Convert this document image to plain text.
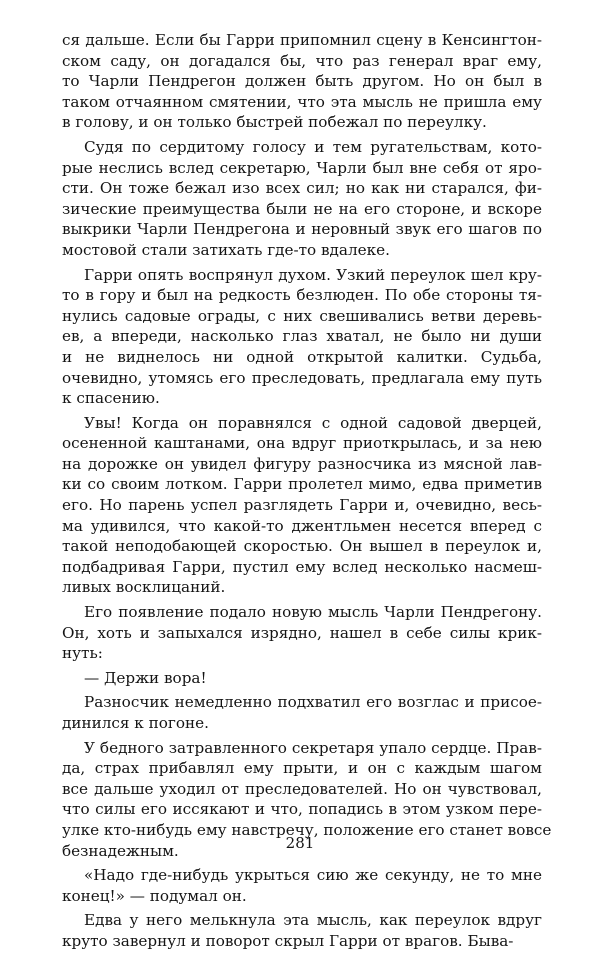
ся дальше. Если бы Гарри припомнил сцену в Кенсингтон-
ском саду, он догадался бы, что раз генерал враг ему,
то Чарли Пендрегон должен быть другом. Но он был в
таком отчаянном смятении, что эта мысль не пришла ему
в голову, и он только быстрей побежал по переулку.
Судя по сердитому голосу и тем ругательствам, кото-
рые неслись вслед секретарю, Чарли был вне себя от яро-
сти. Он тоже бежал изо всех сил; но как ни старался, фи-
зические преимущества были не на его стороне, и вскоре
выкрики Чарли Пендрегона и неровный звук его шагов по
мостовой стали затихать где-то вдалеке.
Гарри опять воспрянул духом. Узкий переулок шел кру-
то в гору и был на редкость безлюден. По обе стороны тя-
нулись садовые ограды, с них свешивались ветви деревь-
ев, а впереди, насколько глаз хватал, не было ни души
и не виднелось ни одной открытой калитки. Судьба,
очевидно, утомясь его преследовать, предлагала ему путь
к спасению.
Увы! Когда он поравнялся с одной садовой дверцей,
осененной каштанами, она вдруг приоткрылась, и за нею
на дорожке он увидел фигуру разносчика из мясной лав-
ки со своим лотком. Гарри пролетел мимо, едва приметив
его. Но парень успел разглядеть Гарри и, очевидно, весь-
ма удивился, что какой-то джентльмен несется вперед с
такой неподобающей скоростью. Он вышел в переулок и,
подбадривая Гарри, пустил ему вслед несколько насмеш-
ливых восклицаний.
Его появление подало новую мысль Чарли Пендрегону.
Он, хоть и запыхался изрядно, нашел в себе силы крик-
нуть:
— Держи вора!
Разносчик немедленно подхватил его возглас и присое-
динился к погоне.
У бедного затравленного секретаря упало сердце. Прав-
да, страх прибавлял ему прыти, и он с каждым шагом
все дальше уходил от преследователей. Но он чувствовал,
что силы его иссякают и что, попадись в этом узком пере-
улке кто-нибудь ему навстречу, положение его станет вовсе
безнадежным.
«Надо где-нибудь укрыться сию же секунду, не то мне
конец!» — подумал он.
Едва у него мелькнула эта мысль, как переулок вдруг
круто завернул и поворот скрыл Гарри от врагов. Бывa-
281
